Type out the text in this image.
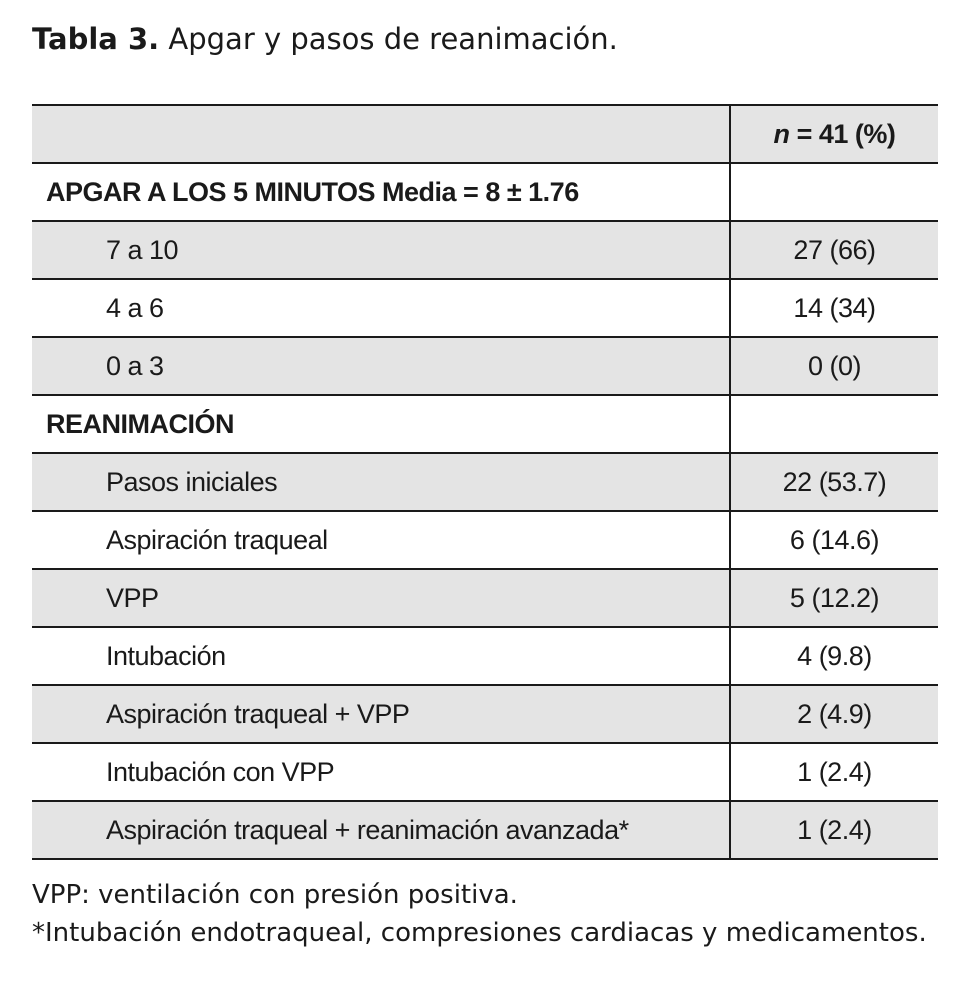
Tabla 3. Apgar y pasos de reanimación.
	n = 41 (%)
APGAR A LOS 5 MINUTOS Media = 8 ± 1.76	
7 a 10	27 (66)
4 a 6	14 (34)
0 a 3	0 (0)
REANIMACIÓN	
Pasos iniciales	22 (53.7)
Aspiración traqueal	6 (14.6)
VPP	5 (12.2)
Intubación	4 (9.8)
Aspiración traqueal + VPP	2 (4.9)
Intubación con VPP	1 (2.4)
Aspiración traqueal + reanimación avanzada*	1 (2.4)
VPP: ventilación con presión positiva.
*Intubación endotraqueal, compresiones cardiacas y medicamentos.
